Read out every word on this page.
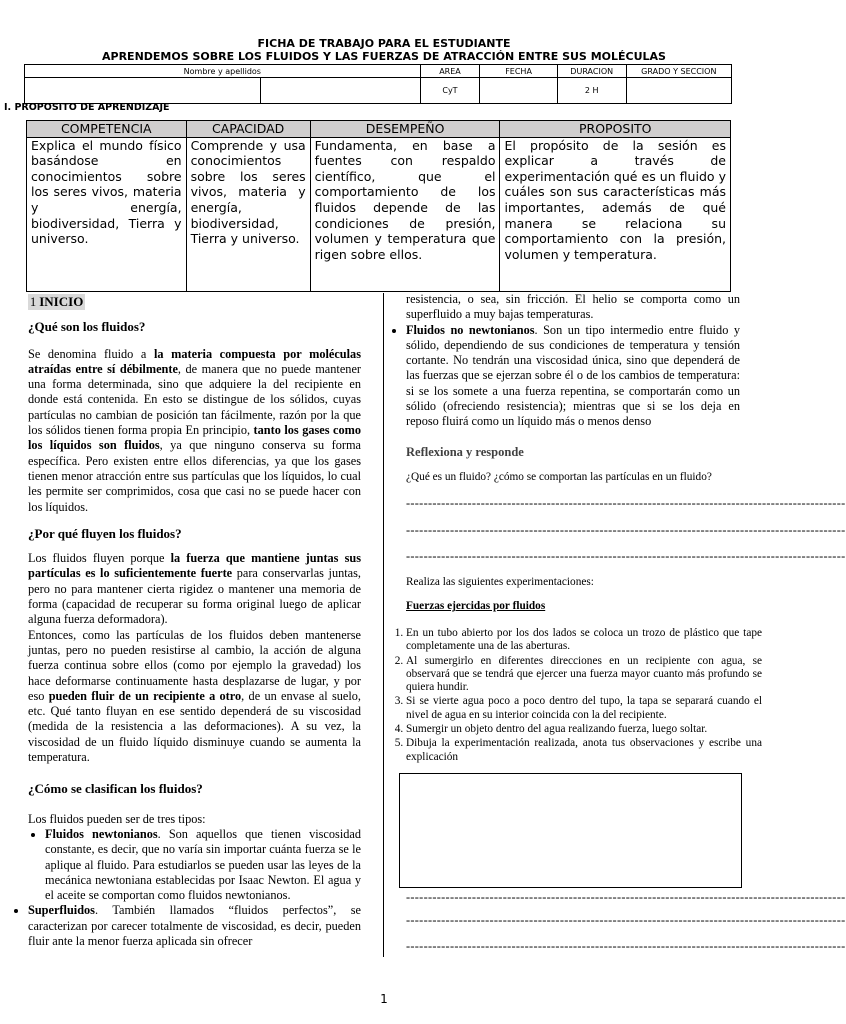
FICHA DE TRABAJO PARA EL ESTUDIANTE
APRENDEMOS SOBRE LOS FLUIDOS Y LAS FUERZAS DE ATRACCIÓN ENTRE SUS MOLÉCULAS
Nombre y apellidos		AREA	FECHA	DURACION	GRADO Y SECCION
		CyT		2 H	
I. PROPOSITO DE APRENDIZAJE
COMPETENCIA	CAPACIDAD	DESEMPEÑO	PROPOSITO
Explica el mundo físico basándose en conocimientos sobre los seres vivos, materia y energía, biodiversidad, Tierra y universo.	Comprende y usa conocimientos sobre los seres vivos, materia y energía, biodiversidad, Tierra y universo.	Fundamenta, en base a fuentes con respaldo científico, que el comportamiento de los fluidos depende de las condiciones de presión, volumen y temperatura que rigen sobre ellos.	El propósito de la sesión es explicar a través de experimentación qué es un fluido y cuáles son sus características más importantes, además de qué manera se relaciona su comportamiento con la presión, volumen y temperatura.
1 INICIO

¿Qué son los fluidos?

Se denomina fluido a la materia compuesta por moléculas atraídas entre sí débilmente, de manera que no puede mantener una forma determinada, sino que adquiere la del recipiente en donde está contenida. En esto se distingue de los sólidos, cuyas partículas no cambian de posición tan fácilmente, razón por la que los sólidos tienen forma propia En principio, tanto los gases como los líquidos son fluidos, ya que ninguno conserva su forma específica. Pero existen entre ellos diferencias, ya que los gases tienen menor atracción entre sus partículas que los líquidos, lo cual les permite ser comprimidos, cosa que casi no se puede hacer con los líquidos.

¿Por qué fluyen los fluidos?

Los fluidos fluyen porque la fuerza que mantiene juntas sus partículas es lo suficientemente fuerte para conservarlas juntas, pero no para mantener cierta rigidez o mantener una memoria de forma (capacidad de recuperar su forma original luego de aplicar alguna fuerza deformadora).

Entonces, como las partículas de los fluidos deben mantenerse juntas, pero no pueden resistirse al cambio, la acción de alguna fuerza continua sobre ellos (como por ejemplo la gravedad) los hace deformarse continuamente hasta desplazarse de lugar, y por eso pueden fluir de un recipiente a otro, de un envase al suelo, etc. Qué tanto fluyan en ese sentido dependerá de su viscosidad (medida de la resistencia a las deformaciones). A su vez, la viscosidad de un fluido líquido disminuye cuando se aumenta la temperatura.

¿Cómo se clasifican los fluidos?

Los fluidos pueden ser de tres tipos:

• Fluidos newtonianos. Son aquellos que tienen viscosidad constante, es decir, que no varía sin importar cuánta fuerza se le aplique al fluido. Para estudiarlos se pueden usar las leyes de la mecánica newtoniana establecidas por Isaac Newton. El agua y el aceite se comportan como fluidos newtonianos.
• Superfluidos. También llamados “fluidos perfectos”, se caracterizan por carecer totalmente de viscosidad, es decir, pueden fluir ante la menor fuerza aplicada sin ofrecer

resistencia, o sea, sin fricción. El helio se comporta como un superfluido a muy bajas temperaturas.

• Fluidos no newtonianos. Son un tipo intermedio entre fluido y sólido, dependiendo de sus condiciones de temperatura y tensión cortante. No tendrán una viscosidad única, sino que dependerá de las fuerzas que se ejerzan sobre él o de los cambios de temperatura: si se los somete a una fuerza repentina, se comportarán como un sólido (ofreciendo resistencia); mientras que si se los deja en reposo fluirá como un líquido más o menos denso

Reflexiona y responde

¿Qué es un fluido? ¿cómo se comportan las partículas en un fluido?

----------------------------------------------------------------------------------------------------
----------------------------------------------------------------------------------------------------
----------------------------------------------------------------------------------------------------

Realiza las siguientes experimentaciones:

Fuerzas ejercidas por fluidos

1. En un tubo abierto por los dos lados se coloca un trozo de plástico que tape completamente una de las aberturas.
2. Al sumergirlo en diferentes direcciones en un recipiente con agua, se observará que se tendrá que ejercer una fuerza mayor cuanto más profundo se quiera hundir.
3. Si se vierte agua poco a poco dentro del tupo, la tapa se separará cuando el nivel de agua en su interior coincida con la del recipiente.
4. Sumergir un objeto dentro del agua realizando fuerza, luego soltar.
5. Dibuja la experimentación realizada, anota tus observaciones y escribe una explicación
----------------------------------------------------------------------------------------------------
----------------------------------------------------------------------------------------------------
----------------------------------------------------------------------------------------------------
1
